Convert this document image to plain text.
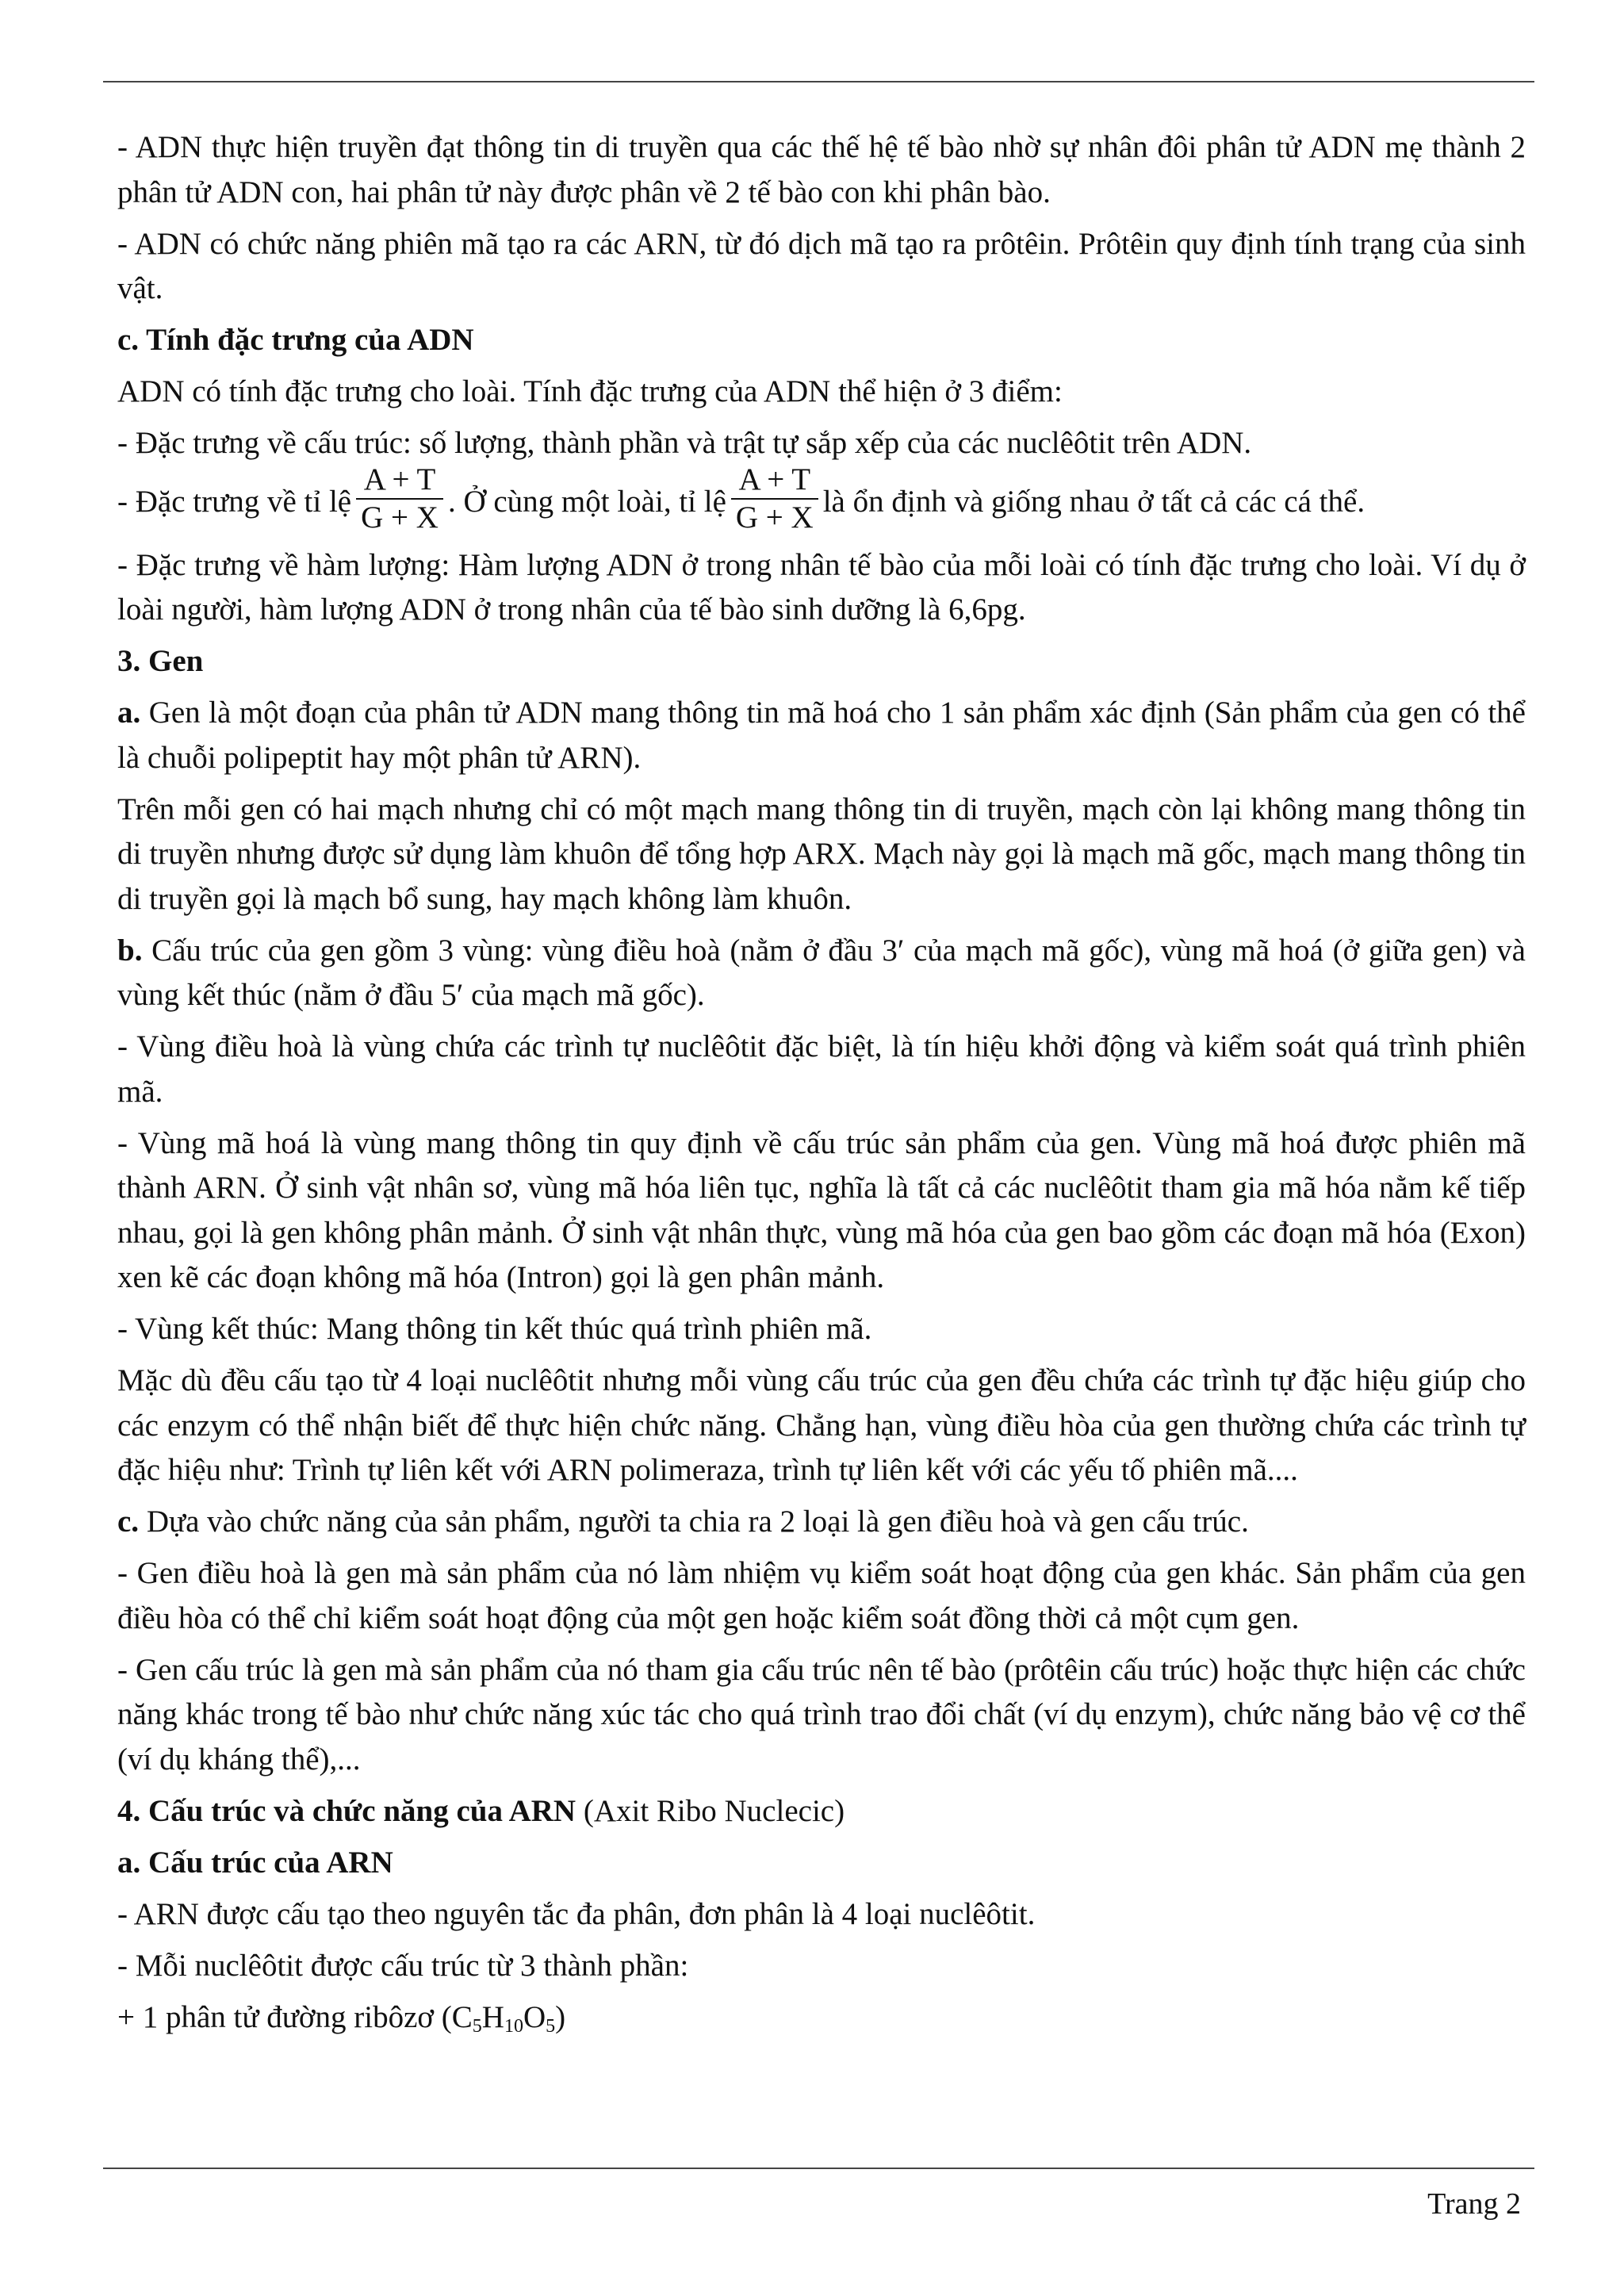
- ADN thực hiện truyền đạt thông tin di truyền qua các thế hệ tế bào nhờ sự nhân đôi phân tử ADN mẹ thành 2 phân tử ADN con, hai phân tử này được phân về 2 tế bào con khi phân bào.

- ADN có chức năng phiên mã tạo ra các ARN, từ đó dịch mã tạo ra prôtêin. Prôtêin quy định tính trạng của sinh vật.

c. Tính đặc trưng của ADN

ADN có tính đặc trưng cho loài. Tính đặc trưng của ADN thể hiện ở 3 điểm:

- Đặc trưng về cấu trúc: số lượng, thành phần và trật tự sắp xếp của các nuclêôtit trên ADN.

- Đặc trưng về tỉ lệ $\frac{A + T}{G + X}$ . Ở cùng một loài, tỉ lệ $\frac{A + T}{G + X}$ là ổn định và giống nhau ở tất cả các cá thể.

- Đặc trưng về hàm lượng: Hàm lượng ADN ở trong nhân tế bào của mỗi loài có tính đặc trưng cho loài. Ví dụ ở loài người, hàm lượng ADN ở trong nhân của tế bào sinh dưỡng là 6,6pg.

3. Gen

a. Gen là một đoạn của phân tử ADN mang thông tin mã hoá cho 1 sản phẩm xác định (Sản phẩm của gen có thể là chuỗi polipeptit hay một phân tử ARN).

Trên mỗi gen có hai mạch nhưng chỉ có một mạch mang thông tin di truyền, mạch còn lại không mang thông tin di truyền nhưng được sử dụng làm khuôn để tổng hợp ARX. Mạch này gọi là mạch mã gốc, mạch mang thông tin di truyền gọi là mạch bổ sung, hay mạch không làm khuôn.

b. Cấu trúc của gen gồm 3 vùng: vùng điều hoà (nằm ở đầu 3′ của mạch mã gốc), vùng mã hoá (ở giữa gen) và vùng kết thúc (nằm ở đầu 5′ của mạch mã gốc).

- Vùng điều hoà là vùng chứa các trình tự nuclêôtit đặc biệt, là tín hiệu khởi động và kiểm soát quá trình phiên mã.

- Vùng mã hoá là vùng mang thông tin quy định về cấu trúc sản phẩm của gen. Vùng mã hoá được phiên mã thành ARN. Ở sinh vật nhân sơ, vùng mã hóa liên tục, nghĩa là tất cả các nuclêôtit tham gia mã hóa nằm kế tiếp nhau, gọi là gen không phân mảnh. Ở sinh vật nhân thực, vùng mã hóa của gen bao gồm các đoạn mã hóa (Exon) xen kẽ các đoạn không mã hóa (Intron) gọi là gen phân mảnh.

- Vùng kết thúc: Mang thông tin kết thúc quá trình phiên mã.

Mặc dù đều cấu tạo từ 4 loại nuclêôtit nhưng mỗi vùng cấu trúc của gen đều chứa các trình tự đặc hiệu giúp cho các enzym có thể nhận biết để thực hiện chức năng. Chẳng hạn, vùng điều hòa của gen thường chứa các trình tự đặc hiệu như: Trình tự liên kết với ARN polimeraza, trình tự liên kết với các yếu tố phiên mã....

c. Dựa vào chức năng của sản phẩm, người ta chia ra 2 loại là gen điều hoà và gen cấu trúc.

- Gen điều hoà là gen mà sản phẩm của nó làm nhiệm vụ kiểm soát hoạt động của gen khác. Sản phẩm của gen điều hòa có thể chỉ kiểm soát hoạt động của một gen hoặc kiểm soát đồng thời cả một cụm gen.

- Gen cấu trúc là gen mà sản phẩm của nó tham gia cấu trúc nên tế bào (prôtêin cấu trúc) hoặc thực hiện các chức năng khác trong tế bào như chức năng xúc tác cho quá trình trao đổi chất (ví dụ enzym), chức năng bảo vệ cơ thể (ví dụ kháng thể),...

4. Cấu trúc và chức năng của ARN (Axit Ribo Nuclecic)

a. Cấu trúc của ARN

- ARN được cấu tạo theo nguyên tắc đa phân, đơn phân là 4 loại nuclêôtit.

- Mỗi nuclêôtit được cấu trúc từ 3 thành phần:

+ 1 phân tử đường ribôzơ $(C_5H_{10}O_5)$

Trang 2
